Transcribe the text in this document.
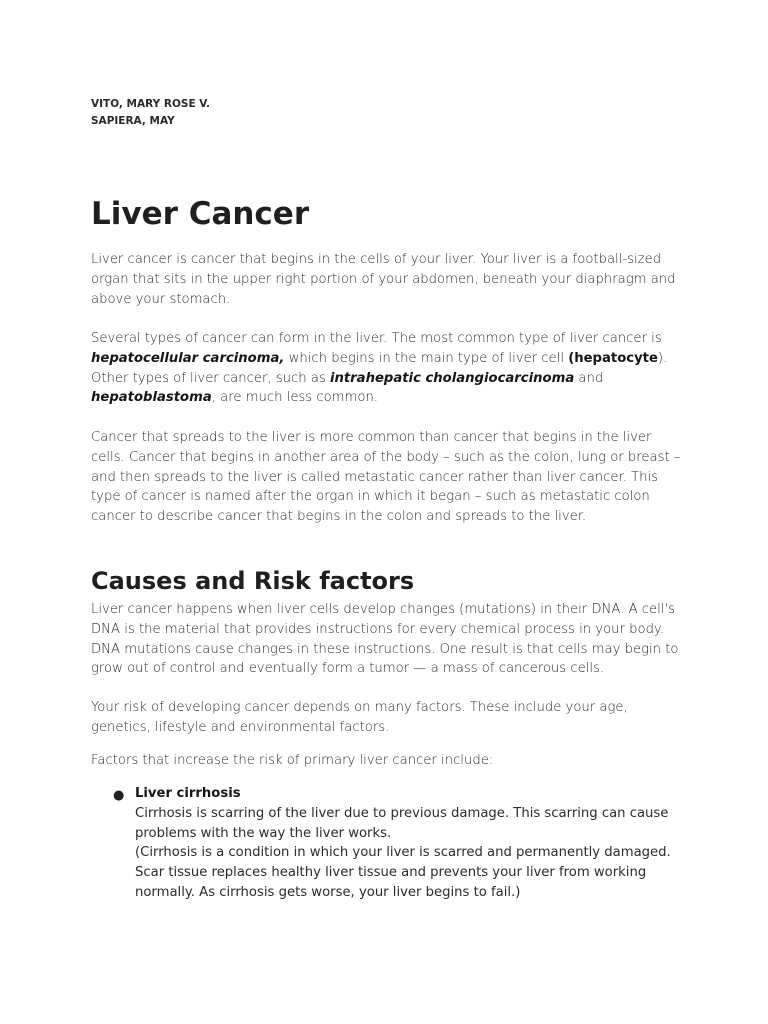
VITO, MARY ROSE V.
SAPIERA, MAY
Liver Cancer

Liver cancer is cancer that begins in the cells of your liver. Your liver is a football-sized organ that sits in the upper right portion of your abdomen, beneath your diaphragm and above your stomach.

Several types of cancer can form in the liver. The most common type of liver cancer is hepatocellular carcinoma, which begins in the main type of liver cell (hepatocyte). Other types of liver cancer, such as intrahepatic cholangiocarcinoma and hepatoblastoma, are much less common.

Cancer that spreads to the liver is more common than cancer that begins in the liver cells. Cancer that begins in another area of the body – such as the colon, lung or breast – and then spreads to the liver is called metastatic cancer rather than liver cancer. This type of cancer is named after the organ in which it began – such as metastatic colon cancer to describe cancer that begins in the colon and spreads to the liver.

Causes and Risk factors

Liver cancer happens when liver cells develop changes (mutations) in their DNA. A cell's DNA is the material that provides instructions for every chemical process in your body. DNA mutations cause changes in these instructions. One result is that cells may begin to grow out of control and eventually form a tumor — a mass of cancerous cells.

Your risk of developing cancer depends on many factors. These include your age, genetics, lifestyle and environmental factors.

Factors that increase the risk of primary liver cancer include:

● Liver cirrhosis

Cirrhosis is scarring of the liver due to previous damage. This scarring can cause problems with the way the liver works.

(Cirrhosis is a condition in which your liver is scarred and permanently damaged. Scar tissue replaces healthy liver tissue and prevents your liver from working normally. As cirrhosis gets worse, your liver begins to fail.)
